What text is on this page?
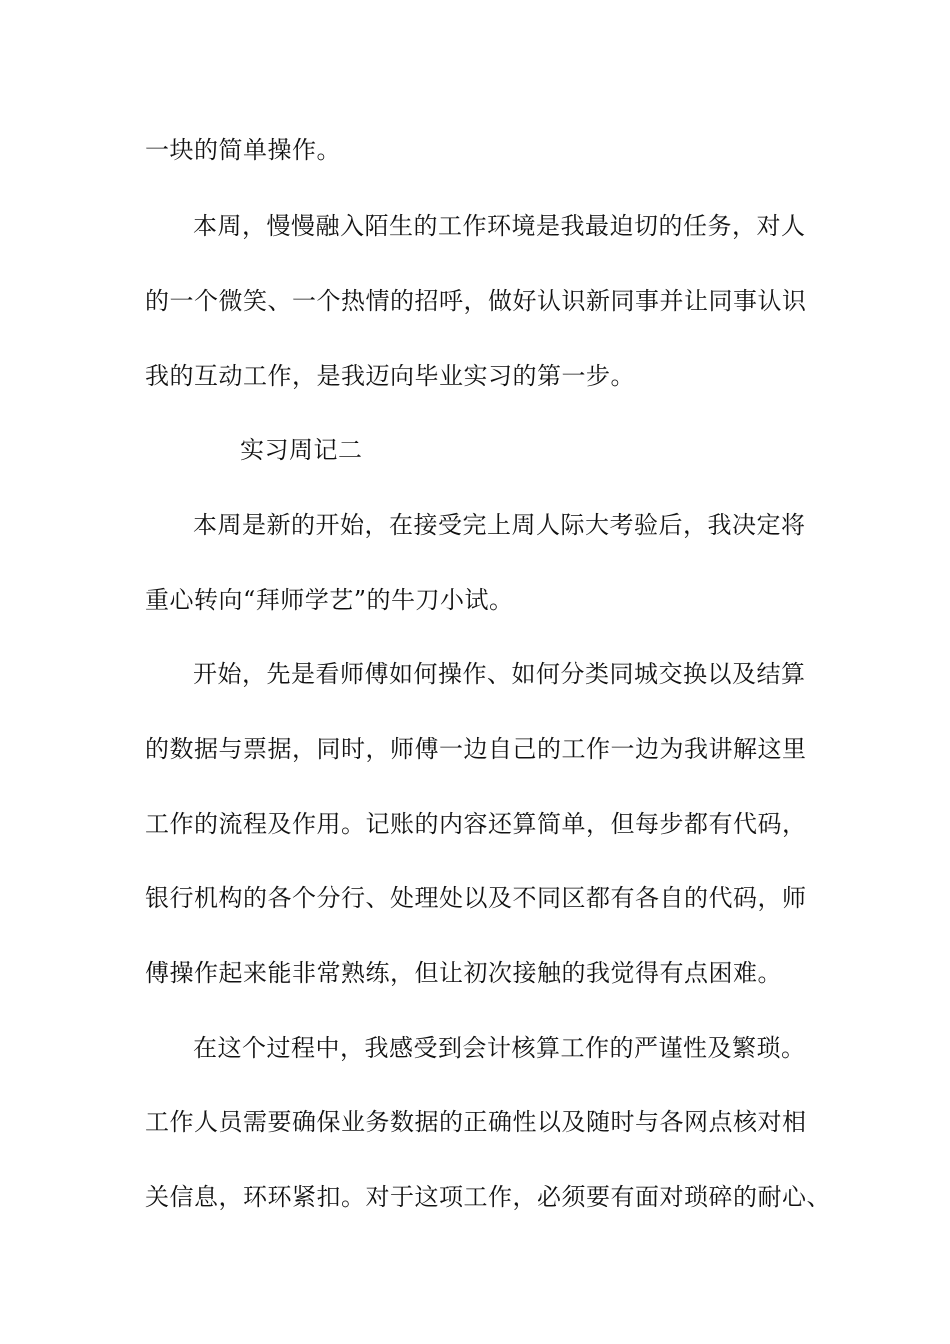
一块的简单操作。
本周，慢慢融入陌生的工作环境是我最迫切的任务，对人
的一个微笑、一个热情的招呼，做好认识新同事并让同事认识
我的互动工作，是我迈向毕业实习的第一步。
实习周记二
本周是新的开始，在接受完上周人际大考验后，我决定将
重心转向“拜师学艺”的牛刀小试。
开始，先是看师傅如何操作、如何分类同城交换以及结算
的数据与票据，同时，师傅一边自己的工作一边为我讲解这里
工作的流程及作用。记账的内容还算简单，但每步都有代码，
银行机构的各个分行、处理处以及不同区都有各自的代码，师
傅操作起来能非常熟练，但让初次接触的我觉得有点困难。
在这个过程中，我感受到会计核算工作的严谨性及繁琐。
工作人员需要确保业务数据的正确性以及随时与各网点核对相
关信息，环环紧扣。对于这项工作，必须要有面对琐碎的耐心、
